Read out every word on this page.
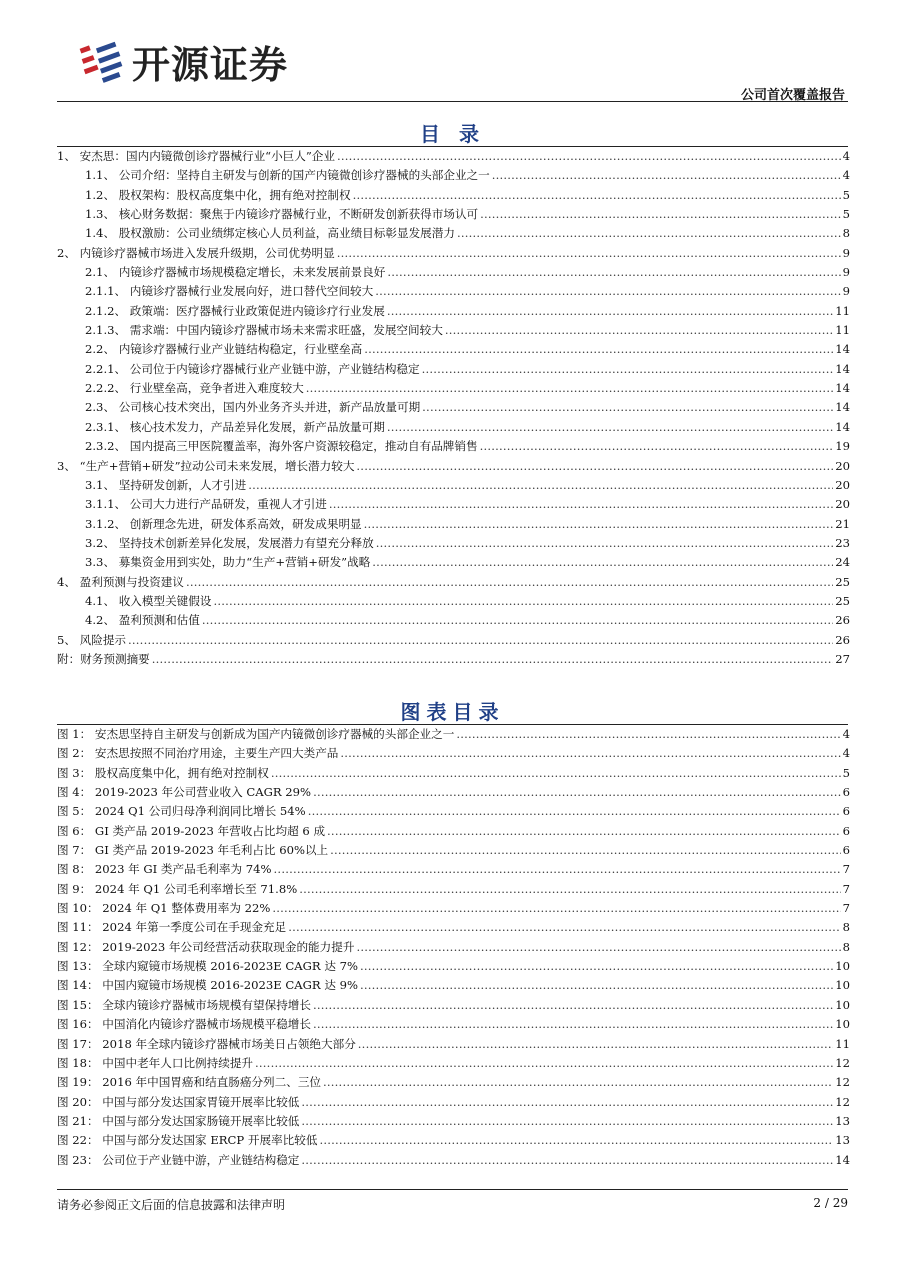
开源证券
公司首次覆盖报告
目 录
1、 安杰思：国内内镜微创诊疗器械行业“小巨人”企业 .....	4
1.1、 公司介绍：坚持自主研发与创新的国产内镜微创诊疗器械的头部企业之一 .....	4
1.2、 股权架构：股权高度集中化，拥有绝对控制权 .....	5
1.3、 核心财务数据：聚焦于内镜诊疗器械行业，不断研发创新获得市场认可 .....	5
1.4、 股权激励：公司业绩绑定核心人员利益，高业绩目标彰显发展潜力 .....	8
2、 内镜诊疗器械市场进入发展升级期，公司优势明显 .....	9
2.1、 内镜诊疗器械市场规模稳定增长，未来发展前景良好 .....	9
2.1.1、 内镜诊疗器械行业发展向好，进口替代空间较大 .....	9
2.1.2、 政策端：医疗器械行业政策促进内镜诊疗行业发展 .....	11
2.1.3、 需求端：中国内镜诊疗器械市场未来需求旺盛，发展空间较大 .....	11
2.2、 内镜诊疗器械行业产业链结构稳定，行业壁垒高 .....	14
2.2.1、 公司位于内镜诊疗器械行业产业链中游，产业链结构稳定 .....	14
2.2.2、 行业壁垒高，竞争者进入难度较大 .....	14
2.3、 公司核心技术突出，国内外业务齐头并进，新产品放量可期 .....	14
2.3.1、 核心技术发力，产品差异化发展，新产品放量可期 .....	14
2.3.2、 国内提高三甲医院覆盖率，海外客户资源较稳定，推动自有品牌销售 .....	19
3、 “生产+营销+研发”拉动公司未来发展，增长潜力较大 .....	20
3.1、 坚持研发创新，人才引进 .....	20
3.1.1、 公司大力进行产品研发，重视人才引进 .....	20
3.1.2、 创新理念先进，研发体系高效，研发成果明显 .....	21
3.2、 坚持技术创新差异化发展，发展潜力有望充分释放 .....	23
3.3、 募集资金用到实处，助力“生产+营销+研发”战略 .....	24
4、 盈利预测与投资建议 .....	25
4.1、 收入模型关键假设 .....	25
4.2、 盈利预测和估值 .....	26
5、 风险提示 .....	26
附：财务预测摘要 .....	27
图表目录
图 1： 安杰思坚持自主研发与创新成为国产内镜微创诊疗器械的头部企业之一 .....	4
图 2： 安杰思按照不同治疗用途，主要生产四大类产品 .....	4
图 3： 股权高度集中化，拥有绝对控制权 .....	5
图 4： 2019-2023 年公司营业收入 CAGR 29% .....	6
图 5： 2024 Q1 公司归母净利润同比增长 54% .....	6
图 6： GI 类产品 2019-2023 年营收占比均超 6 成 .....	6
图 7： GI 类产品 2019-2023 年毛利占比 60%以上 .....	6
图 8： 2023 年 GI 类产品毛利率为 74% .....	7
图 9： 2024 年 Q1 公司毛利率增长至 71.8% .....	7
图 10： 2024 年 Q1 整体费用率为 22% .....	7
图 11： 2024 年第一季度公司在手现金充足 .....	8
图 12： 2019-2023 年公司经营活动获取现金的能力提升 .....	8
图 13： 全球内窥镜市场规模 2016-2023E CAGR 达 7% .....	10
图 14： 中国内窥镜市场规模 2016-2023E CAGR 达 9% .....	10
图 15： 全球内镜诊疗器械市场规模有望保持增长 .....	10
图 16： 中国消化内镜诊疗器械市场规模平稳增长 .....	10
图 17： 2018 年全球内镜诊疗器械市场美日占领绝大部分 .....	11
图 18： 中国中老年人口比例持续提升 .....	12
图 19： 2016 年中国胃癌和结直肠癌分列二、三位 .....	12
图 20： 中国与部分发达国家胃镜开展率比较低 .....	12
图 21： 中国与部分发达国家肠镜开展率比较低 .....	13
图 22： 中国与部分发达国家 ERCP 开展率比较低 .....	13
图 23： 公司位于产业链中游，产业链结构稳定 .....	14
请务必参阅正文后面的信息披露和法律声明	2 / 29
